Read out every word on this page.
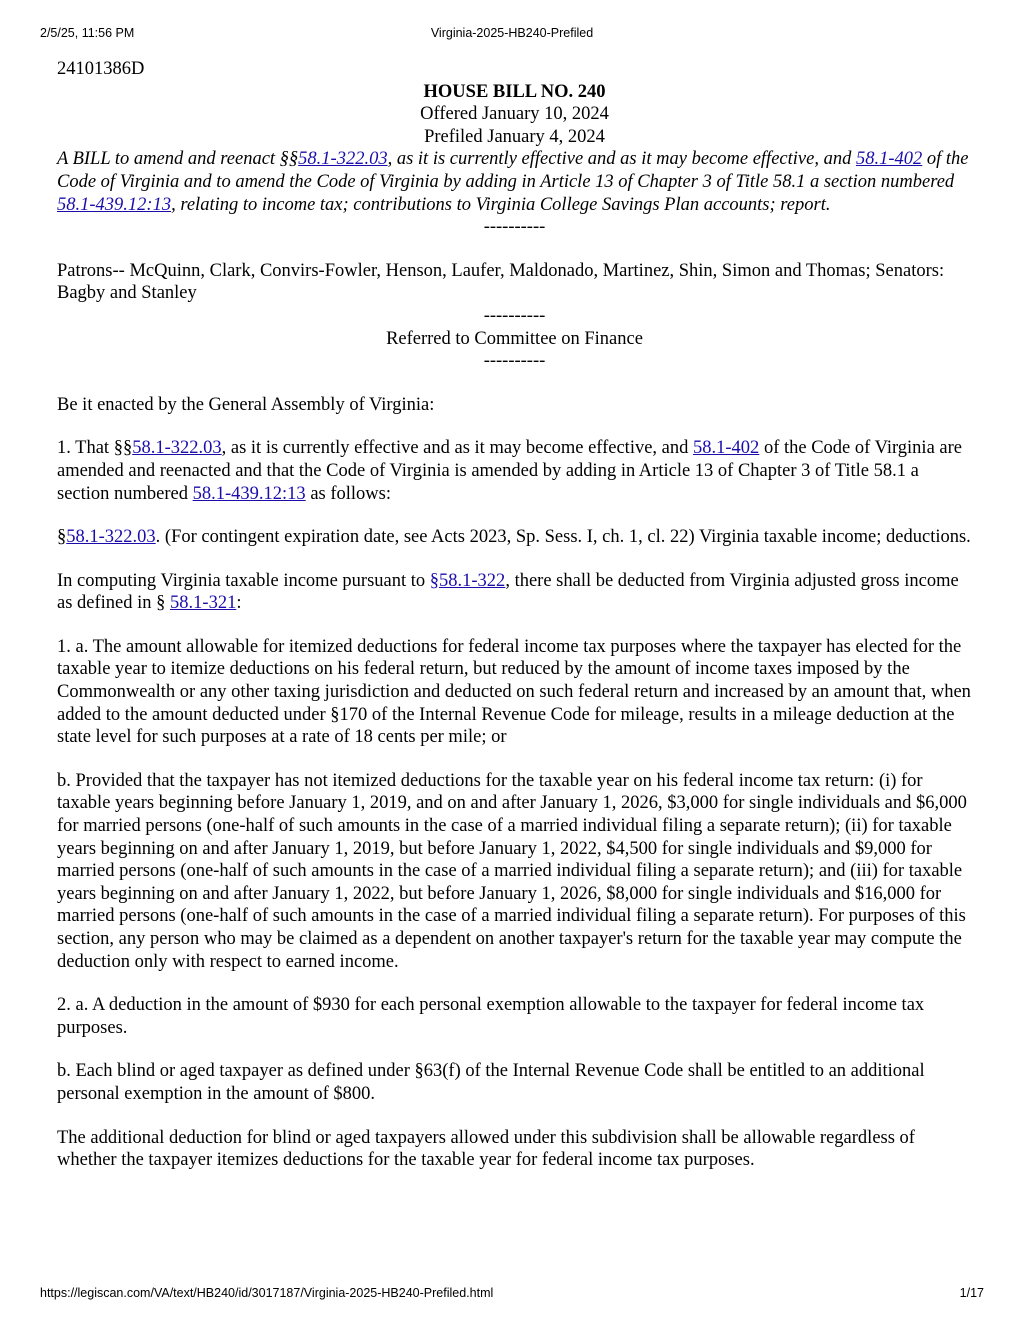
2/5/25, 11:56 PM	Virginia-2025-HB240-Prefiled

24101386D

HOUSE BILL NO. 240

Offered January 10, 2024

Prefiled January 4, 2024

A BILL to amend and reenact §§58.1-322.03, as it is currently effective and as it may become effective, and 58.1-402 of the Code of Virginia and to amend the Code of Virginia by adding in Article 13 of Chapter 3 of Title 58.1 a section numbered 58.1-439.12:13, relating to income tax; contributions to Virginia College Savings Plan accounts; report.

----------

Patrons-- McQuinn, Clark, Convirs-Fowler, Henson, Laufer, Maldonado, Martinez, Shin, Simon and Thomas; Senators: Bagby and Stanley

----------

Referred to Committee on Finance

----------

Be it enacted by the General Assembly of Virginia:

1. That §§58.1-322.03, as it is currently effective and as it may become effective, and 58.1-402 of the Code of Virginia are amended and reenacted and that the Code of Virginia is amended by adding in Article 13 of Chapter 3 of Title 58.1 a section numbered 58.1-439.12:13 as follows:

§58.1-322.03. (For contingent expiration date, see Acts 2023, Sp. Sess. I, ch. 1, cl. 22) Virginia taxable income; deductions.

In computing Virginia taxable income pursuant to §58.1-322, there shall be deducted from Virginia adjusted gross income as defined in § 58.1-321:

1. a. The amount allowable for itemized deductions for federal income tax purposes where the taxpayer has elected for the taxable year to itemize deductions on his federal return, but reduced by the amount of income taxes imposed by the Commonwealth or any other taxing jurisdiction and deducted on such federal return and increased by an amount that, when added to the amount deducted under §170 of the Internal Revenue Code for mileage, results in a mileage deduction at the state level for such purposes at a rate of 18 cents per mile; or

b. Provided that the taxpayer has not itemized deductions for the taxable year on his federal income tax return: (i) for taxable years beginning before January 1, 2019, and on and after January 1, 2026, $3,000 for single individuals and $6,000 for married persons (one-half of such amounts in the case of a married individual filing a separate return); (ii) for taxable years beginning on and after January 1, 2019, but before January 1, 2022, $4,500 for single individuals and $9,000 for married persons (one-half of such amounts in the case of a married individual filing a separate return); and (iii) for taxable years beginning on and after January 1, 2022, but before January 1, 2026, $8,000 for single individuals and $16,000 for married persons (one-half of such amounts in the case of a married individual filing a separate return). For purposes of this section, any person who may be claimed as a dependent on another taxpayer's return for the taxable year may compute the deduction only with respect to earned income.

2. a. A deduction in the amount of $930 for each personal exemption allowable to the taxpayer for federal income tax purposes.

b. Each blind or aged taxpayer as defined under §63(f) of the Internal Revenue Code shall be entitled to an additional personal exemption in the amount of $800.

The additional deduction for blind or aged taxpayers allowed under this subdivision shall be allowable regardless of whether the taxpayer itemizes deductions for the taxable year for federal income tax purposes.

https://legiscan.com/VA/text/HB240/id/3017187/Virginia-2025-HB240-Prefiled.html	1/17
